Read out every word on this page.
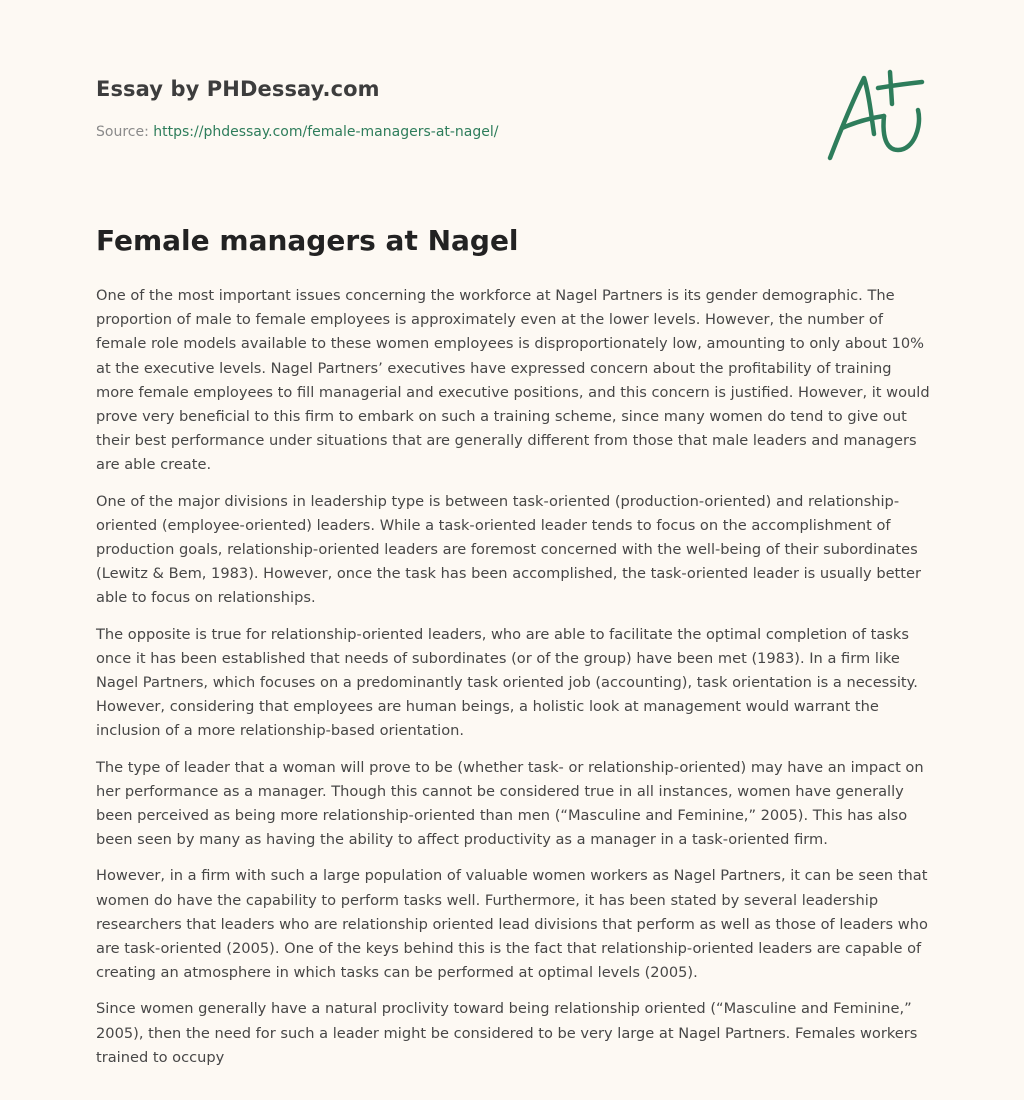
Essay by PHDessay.com
Source: https://phdessay.com/female-managers-at-nagel/
Female managers at Nagel

One of the most important issues concerning the workforce at Nagel Partners is its gender demographic. The proportion of male to female employees is approximately even at the lower levels. However, the number of female role models available to these women employees is disproportionately low, amounting to only about 10% at the executive levels. Nagel Partners’ executives have expressed concern about the profitability of training more female employees to fill managerial and executive positions, and this concern is justified. However, it would prove very beneficial to this firm to embark on such a training scheme, since many women do tend to give out their best performance under situations that are generally different from those that male leaders and managers are able create.

One of the major divisions in leadership type is between task-oriented (production-oriented) and relationship-oriented (employee-oriented) leaders. While a task-oriented leader tends to focus on the accomplishment of production goals, relationship-oriented leaders are foremost concerned with the well-being of their subordinates (Lewitz & Bem, 1983). However, once the task has been accomplished, the task-oriented leader is usually better able to focus on relationships.

The opposite is true for relationship-oriented leaders, who are able to facilitate the optimal completion of tasks once it has been established that needs of subordinates (or of the group) have been met (1983). In a firm like Nagel Partners, which focuses on a predominantly task oriented job (accounting), task orientation is a necessity. However, considering that employees are human beings, a holistic look at management would warrant the inclusion of a more relationship-based orientation.

The type of leader that a woman will prove to be (whether task- or relationship-oriented) may have an impact on her performance as a manager. Though this cannot be considered true in all instances, women have generally been perceived as being more relationship-oriented than men (“Masculine and Feminine,” 2005). This has also been seen by many as having the ability to affect productivity as a manager in a task-oriented firm.

However, in a firm with such a large population of valuable women workers as Nagel Partners, it can be seen that women do have the capability to perform tasks well. Furthermore, it has been stated by several leadership researchers that leaders who are relationship oriented lead divisions that perform as well as those of leaders who are task-oriented (2005). One of the keys behind this is the fact that relationship-oriented leaders are capable of creating an atmosphere in which tasks can be performed at optimal levels (2005).

Since women generally have a natural proclivity toward being relationship oriented (“Masculine and Feminine,” 2005), then the need for such a leader might be considered to be very large at Nagel Partners. Females workers trained to occupy
